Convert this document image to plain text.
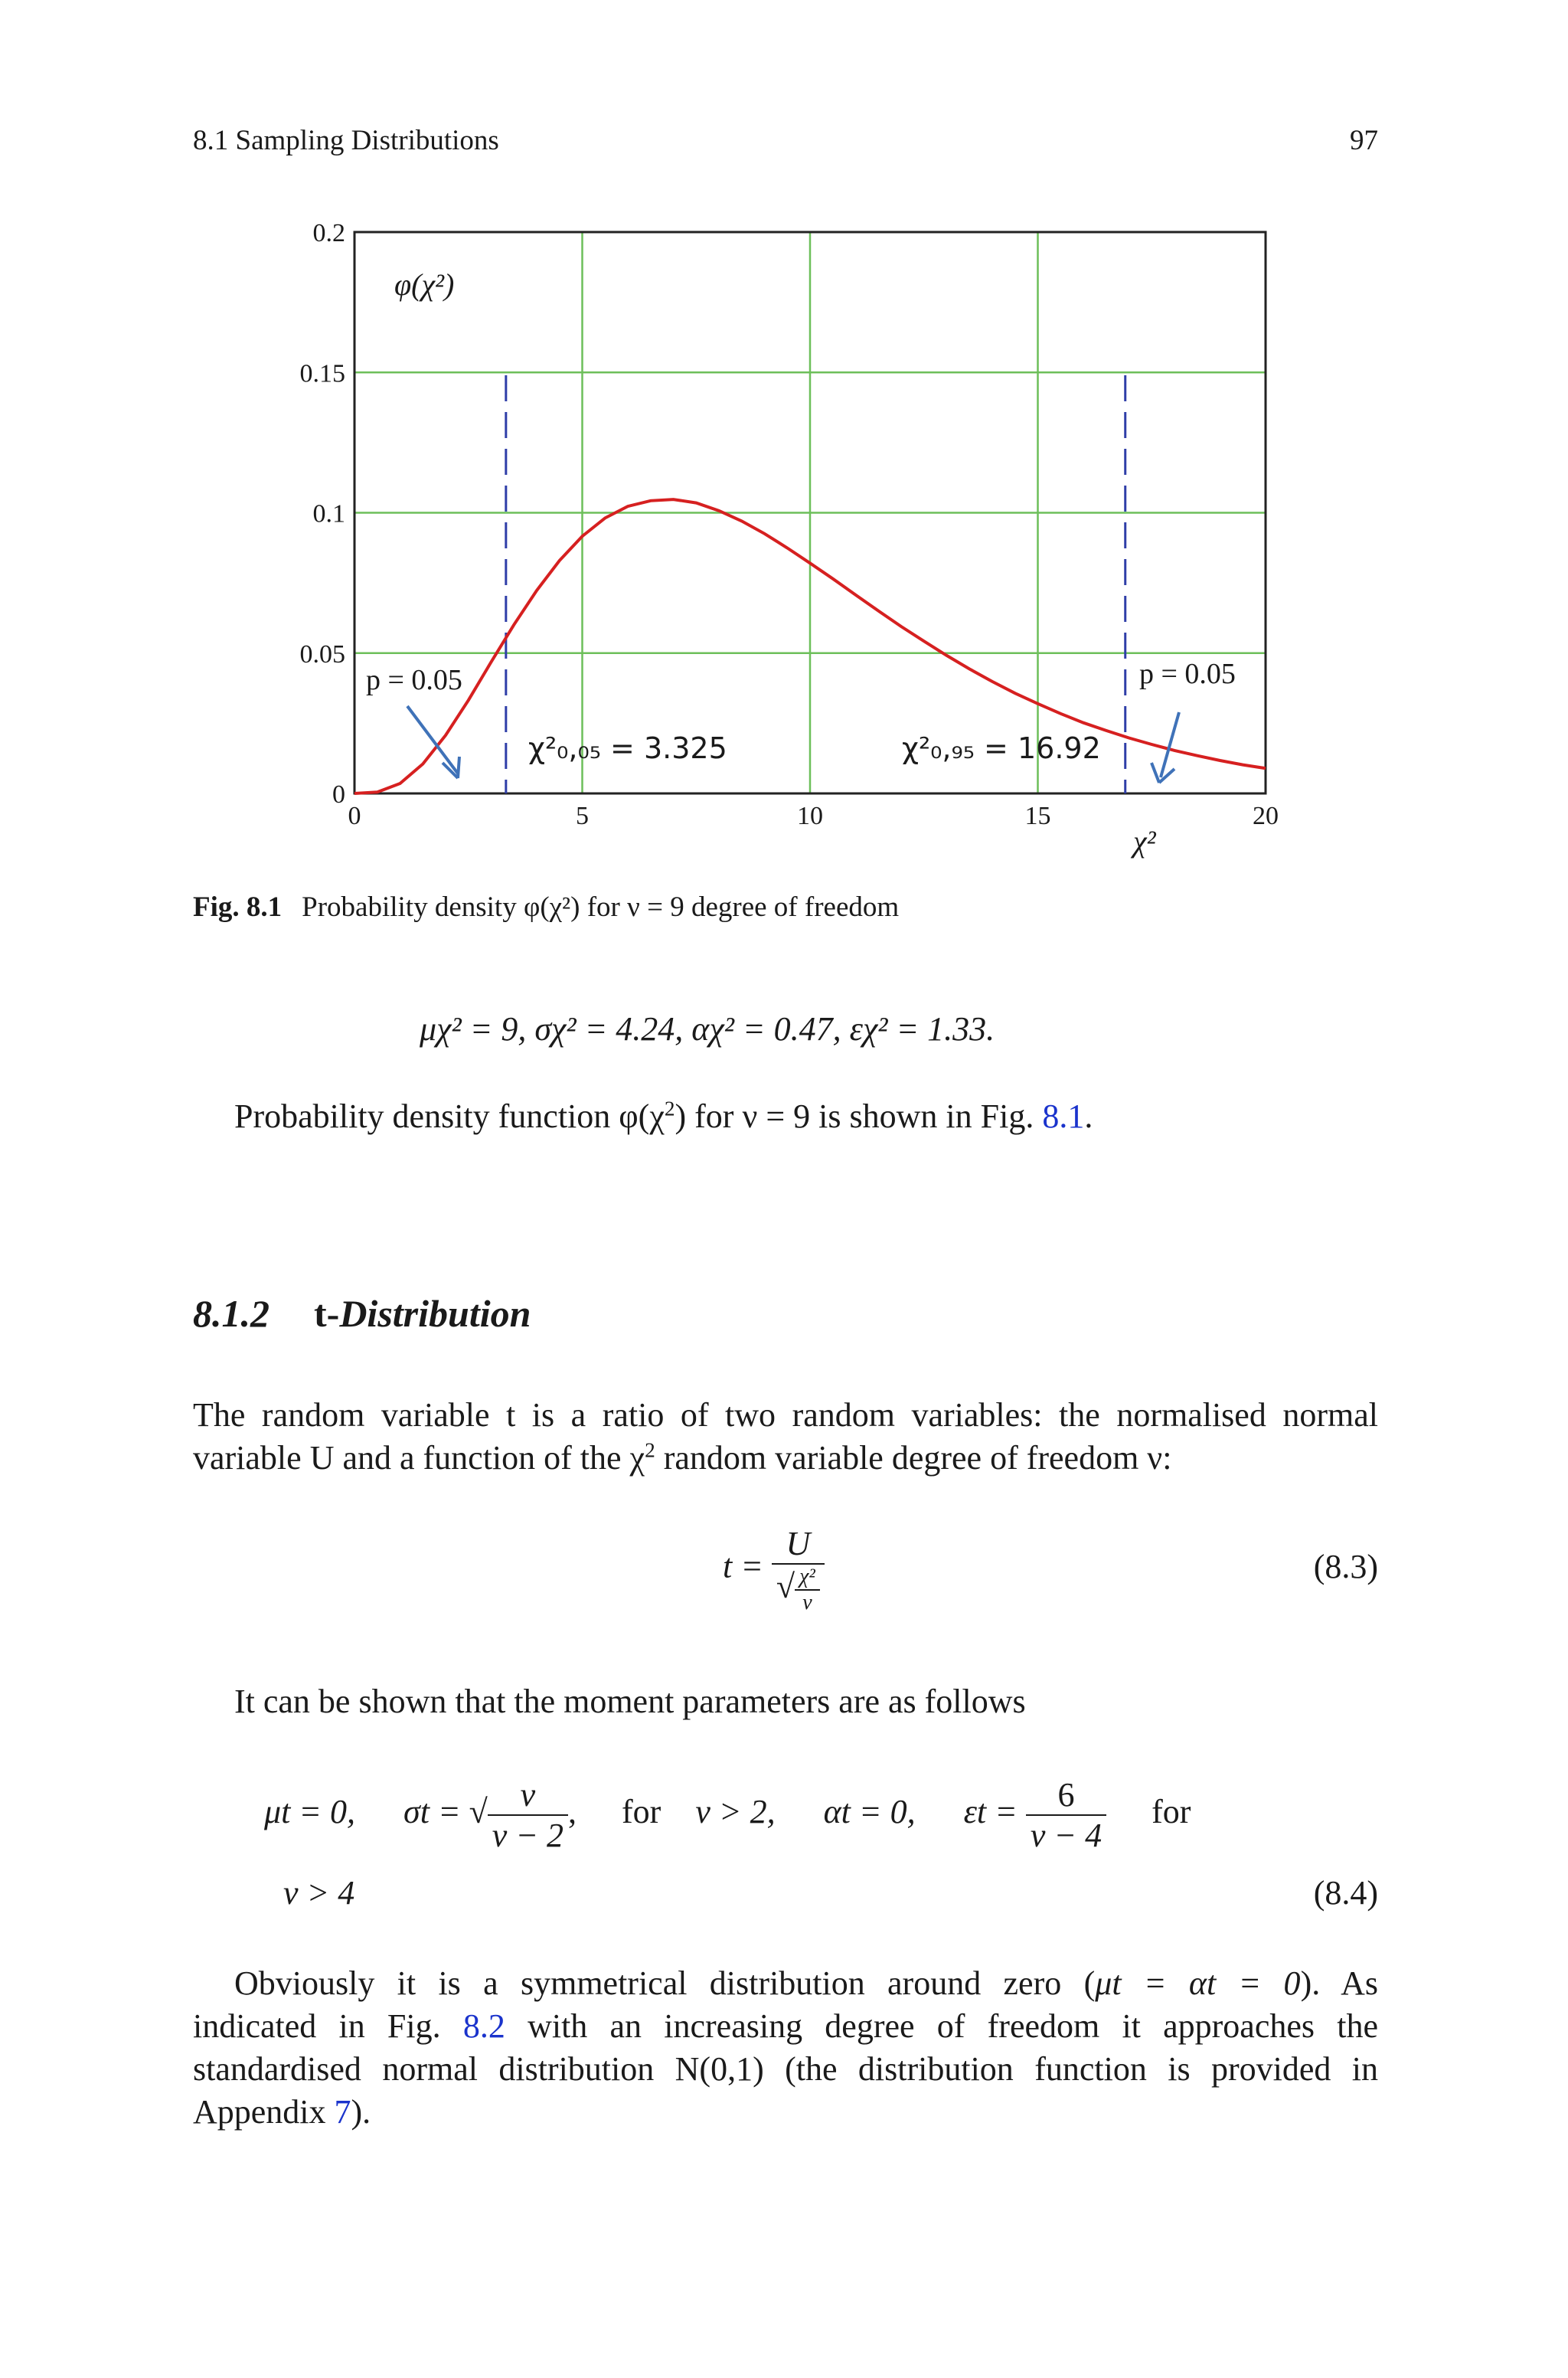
8.1 Sampling Distributions	97
0
0.05
0.1
0.15
0.2
0	5	10	15	20
φ(χ²)
χ²
p = 0.05	p = 0.05
χ²₀,₀₅ = 3.325	χ²₀,₉₅ = 16.92
Fig. 8.1 Probability density φ(χ²) for ν = 9 degree of freedom
μχ² = 9, σχ² = 4.24, αχ² = 0.47, εχ² = 1.33.
Probability density function $\varphi(\chi^2)$ for ν = 9 is shown in Fig. 8.1.
8.1.2 t-Distribution
The random variable t is a ratio of two random variables: the normalised normal
variable U and a function of the $\chi^2$ random variable degree of freedom ν:
$t = \frac{U}{√ \frac{\text{χ²}}{\nu}}$	(8.3)
It can be shown that the moment parameters are as follows
μt = 0, σt = √ $\frac{\nu}{\nu - 2}$ , for ν > 2, αt = 0, $\varepsilon t = \frac{6}{\nu - 4}$ for
ν > 4	(8.4)
Obviously it is a symmetrical distribution around zero (μt = αt = 0). As
indicated in Fig. 8.2 with an increasing degree of freedom it approaches the
standardised normal distribution N(0,1) (the distribution function is provided in
Appendix 7).
